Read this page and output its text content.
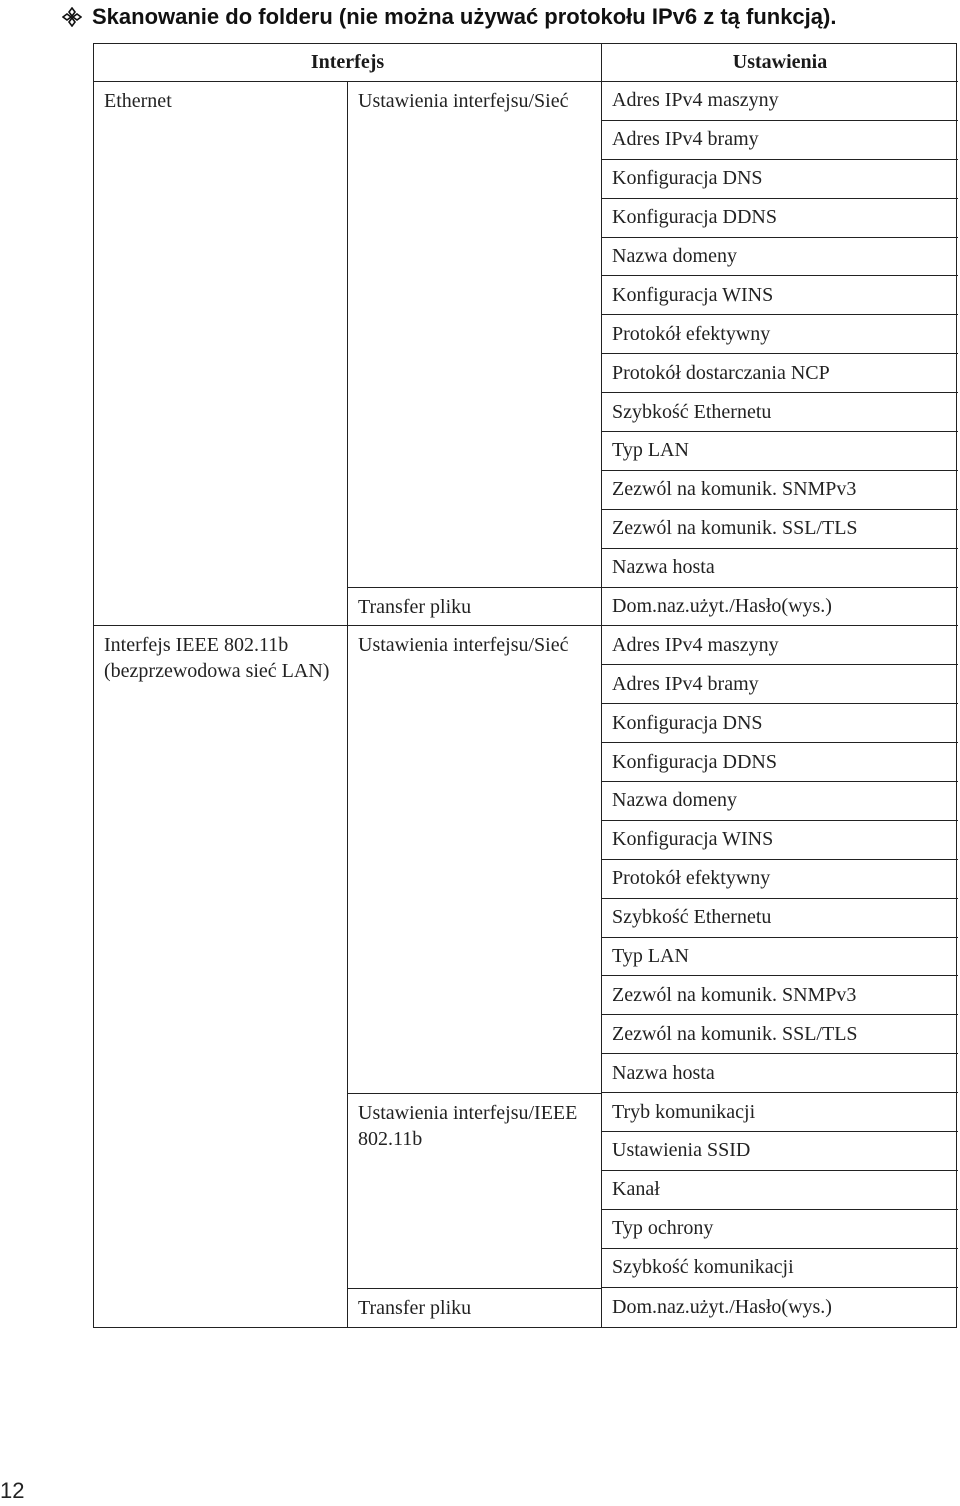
Skanowanie do folderu (nie można używać protokołu IPv6 z tą funkcją).
Interfejs	Ustawienia
Ethernet
Interfejs IEEE 802.11b (bezprzewodowa sieć LAN)
Ustawienia interfejsu/Sieć
Transfer pliku
Ustawienia interfejsu/Sieć
Ustawienia interfejsu/IEEE 802.11b
Transfer pliku
Adres IPv4 maszyny
Adres IPv4 bramy
Konfiguracja DNS
Konfiguracja DDNS
Nazwa domeny
Konfiguracja WINS
Protokół efektywny
Protokół dostarczania NCP
Szybkość Ethernetu
Typ LAN
Zezwól na komunik. SNMPv3
Zezwól na komunik. SSL/TLS
Nazwa hosta
Dom.naz.użyt./Hasło(wys.)
Adres IPv4 maszyny
Adres IPv4 bramy
Konfiguracja DNS
Konfiguracja DDNS
Nazwa domeny
Konfiguracja WINS
Protokół efektywny
Szybkość Ethernetu
Typ LAN
Zezwól na komunik. SNMPv3
Zezwól na komunik. SSL/TLS
Nazwa hosta
Tryb komunikacji
Ustawienia SSID
Kanał
Typ ochrony
Szybkość komunikacji
Dom.naz.użyt./Hasło(wys.)
12
